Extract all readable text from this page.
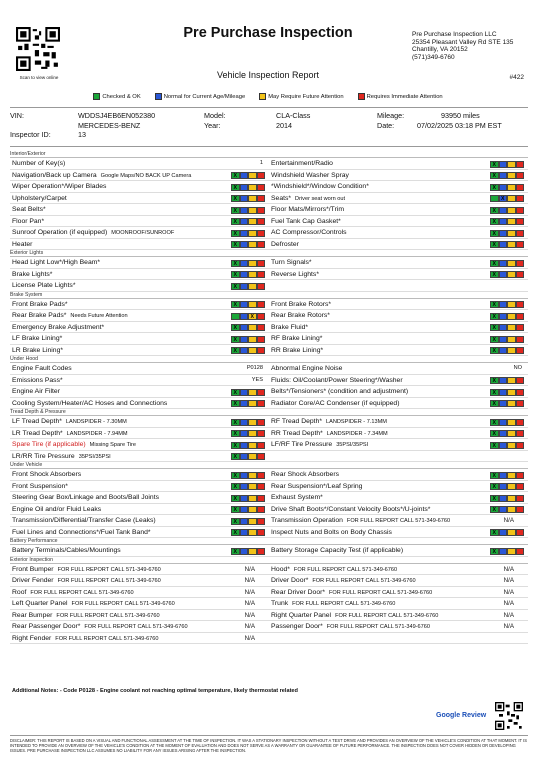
Scan to view online
Pre Purchase Inspection
Vehicle Inspection Report
Pre Purchase Inspection LLC
25354 Pleasant Valley Rd STE 135
Chantilly, VA 20152
(571)349-6760
#422
Checked & OK	Normal for Current Age/Mileage	May Require Future Attention	Requires Immediate Attention
VIN:	WDDSJ4EB6EN052380	Model:	CLA-Class	Mileage:	93950 miles
MERCEDES-BENZ	Year:	2014	Date:	07/02/2025 03:18 PM EST
Inspector ID:	13
Interior/Exterior
Number of Key(s)	1 Entertainment/Radio	X
Navigation/Back up Camera Google Maps/NO BACK UP Camera	X	Windshield Washer Spray	X
Wiper Operation*/Wiper Blades	X	*Windshield*/Window Condition*	X
Upholstery/Carpet	X	Seats* Driver seat worn out	X
Seat Belts*	X	Floor Mats/Mirrors*/Trim	X
Floor Pan*	X	Fuel Tank Cap Gasket*	X
Sunroof Operation (if equipped) MOONROOF/SUNROOF	X	AC Compressor/Controls	X
Heater	X	Defroster	X
Exterior Lights
Head Light Low*/High Beam*	X	Turn Signals*	X
Brake Lights*	X	Reverse Lights*	X
License Plate Lights*	X
Brake System
Front Brake Pads*	X	Front Brake Rotors*	X
Rear Brake Pads* Needs Future Attention	X	Rear Brake Rotors*	X
Emergency Brake Adjustment*	X	Brake Fluid*	X
LF Brake Lining*	X	RF Brake Lining*	X
LR Brake Lining*	X	RR Brake Lining*	X
Under Hood
Engine Fault Codes	P0128 Abnormal Engine Noise	NO
Emissions Pass*	YES Fluids: Oil/Coolant/Power Steering*/Washer	X
Engine Air Filter	X	Belts*/Tensioners* (condition and adjustment)	X
Cooling System/Heater/AC Hoses and Connections	X	Radiator Core/AC Condenser (if equipped)	X
Tread Depth & Pressure
LF Tread Depth* LANDSPIDER - 7.30MM	X	RF Tread Depth* LANDSPIDER - 7.13MM	X
LR Tread Depth* LANDSPIDER - 7.94MM	X	RR Tread Depth* LANDSPIDER - 7.34MM	X
Spare Tire (if applicable) Missing Spare Tire	X	LF/RF Tire Pressure 35PSI/35PSI	X
LR/RR Tire Pressure 35PSI/35PSI	X
Under Vehicle
Front Shock Absorbers	X	Rear Shock Absorbers	X
Front Suspension*	X	Rear Suspension*/Leaf Spring	X
Steering Gear Box/Linkage and Boots/Ball Joints	X	Exhaust System*	X
Engine Oil and/or Fluid Leaks	X	Drive Shaft Boots*/Constant Velocity Boots*/U-joints*	X
Transmission/Differential/Transfer Case (Leaks)	X	Transmission Operation FOR FULL REPORT CALL 571-349-6760	N/A
Fuel Lines and Connections*/Fuel Tank Band*	X	Inspect Nuts and Bolts on Body Chassis	X
Battery Performance
Battery Terminals/Cables/Mountings	X	Battery Storage Capacity Test (if applicable)	X
Exterior Inspection
Front Bumper FOR FULL REPORT CALL 571-349-6760	N/A Hood* FOR FULL REPORT CALL 571-349-6760	N/A
Driver Fender FOR FULL REPORT CALL 571-349-6760	N/A Driver Door* FOR FULL REPORT CALL 571-349-6760	N/A
Roof FOR FULL REPORT CALL 571-349-6760	N/A Rear Driver Door* FOR FULL REPORT CALL 571-349-6760	N/A
Left Quarter Panel FOR FULL REPORT CALL 571-349-6760	N/A Trunk FOR FULL REPORT CALL 571-349-6760	N/A
Rear Bumper FOR FULL REPORT CALL 571-349-6760	N/A Right Quarter Panel FOR FULL REPORT CALL 571-349-6760	N/A
Rear Passenger Door* FOR FULL REPORT CALL 571-349-6760	N/A Passenger Door* FOR FULL REPORT CALL 571-349-6760	N/A
Right Fender FOR FULL REPORT CALL 571-349-6760	N/A
Additional Notes: - Code P0128 - Engine coolant not reaching optimal temperature, likely thermostat related
Google Review
DISCLAIMER: THIS REPORT IS BASED ON A VISUAL AND FUNCTIONAL ASSESSMENT AT THE TIME OF INSPECTION. IT WAS A STATIONARY INSPECTION WITHOUT A TEST DRIVE AND PROVIDES AN OVERVIEW OF THE VEHICLE'S CONDITION AT THAT MOMENT. IT IS INTENDED TO PROVIDE AN OVERVIEW OF THE VEHICLE'S CONDITION AT THE MOMENT OF EVALUATION AND DOES NOT SERVE AS A WARRANTY OR GUARANTEE OF FUTURE PERFORMANCE. THE INSPECTION DOES NOT COVER HIDDEN OR DEVELOPING ISSUES. PRE PURCHASE INSPECTION LLC ASSUMES NO LIABILITY FOR ANY ISSUES ARISING AFTER THE INSPECTION.
